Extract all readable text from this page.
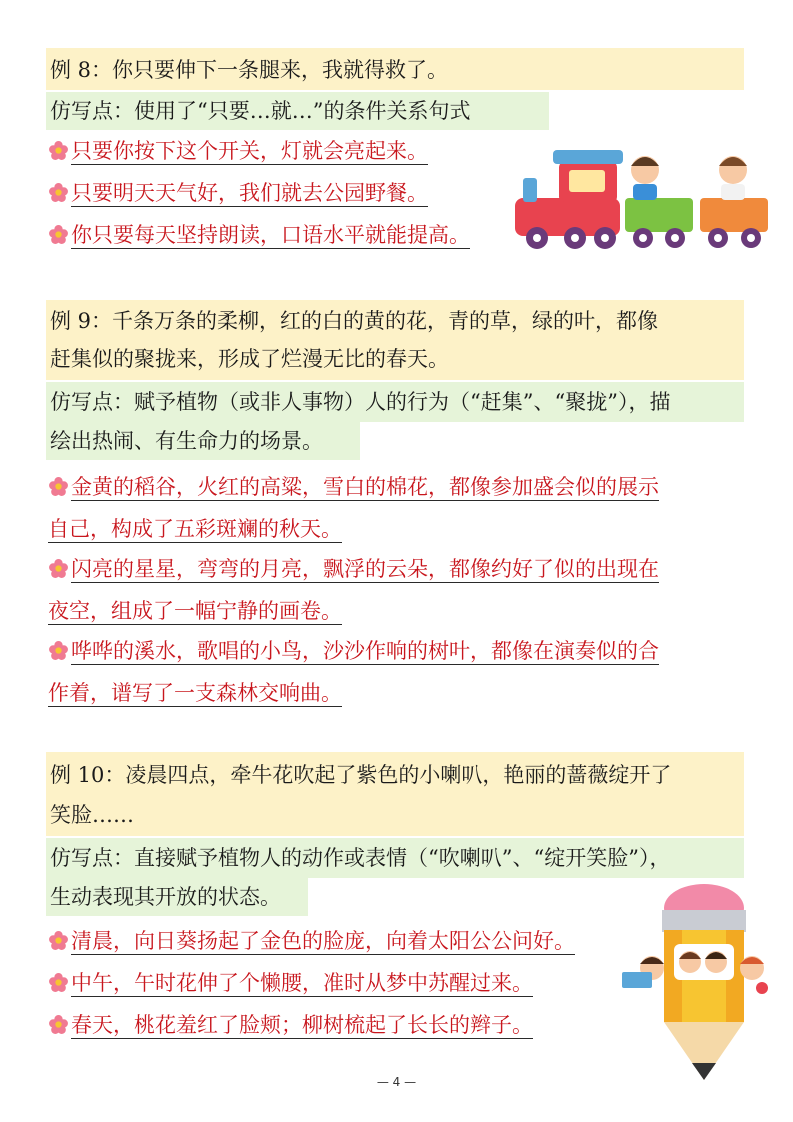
例 8：你只要伸下一条腿来，我就得救了。
仿写点：使用了“只要…就…”的条件关系句式
只要你按下这个开关，灯就会亮起来。
只要明天天气好，我们就去公园野餐。
你只要每天坚持朗读，口语水平就能提高。
例 9：千条万条的柔柳，红的白的黄的花，青的草，绿的叶，都像
赶集似的聚拢来，形成了烂漫无比的春天。
仿写点：赋予植物（或非人事物）人的行为（“赶集”、“聚拢”），描
绘出热闹、有生命力的场景。
金黄的稻谷，火红的高粱，雪白的棉花，都像参加盛会似的展示
自己，构成了五彩斑斓的秋天。
闪亮的星星，弯弯的月亮，飘浮的云朵，都像约好了似的出现在
夜空，组成了一幅宁静的画卷。
哗哗的溪水，歌唱的小鸟，沙沙作响的树叶，都像在演奏似的合
作着，谱写了一支森林交响曲。
例 10：凌晨四点，牵牛花吹起了紫色的小喇叭，艳丽的蔷薇绽开了
笑脸……
仿写点：直接赋予植物人的动作或表情（“吹喇叭”、“绽开笑脸”），
生动表现其开放的状态。
清晨，向日葵扬起了金色的脸庞，向着太阳公公问好。
中午，午时花伸了个懒腰，准时从梦中苏醒过来。
春天，桃花羞红了脸颊；柳树梳起了长长的辫子。
— 4 —
